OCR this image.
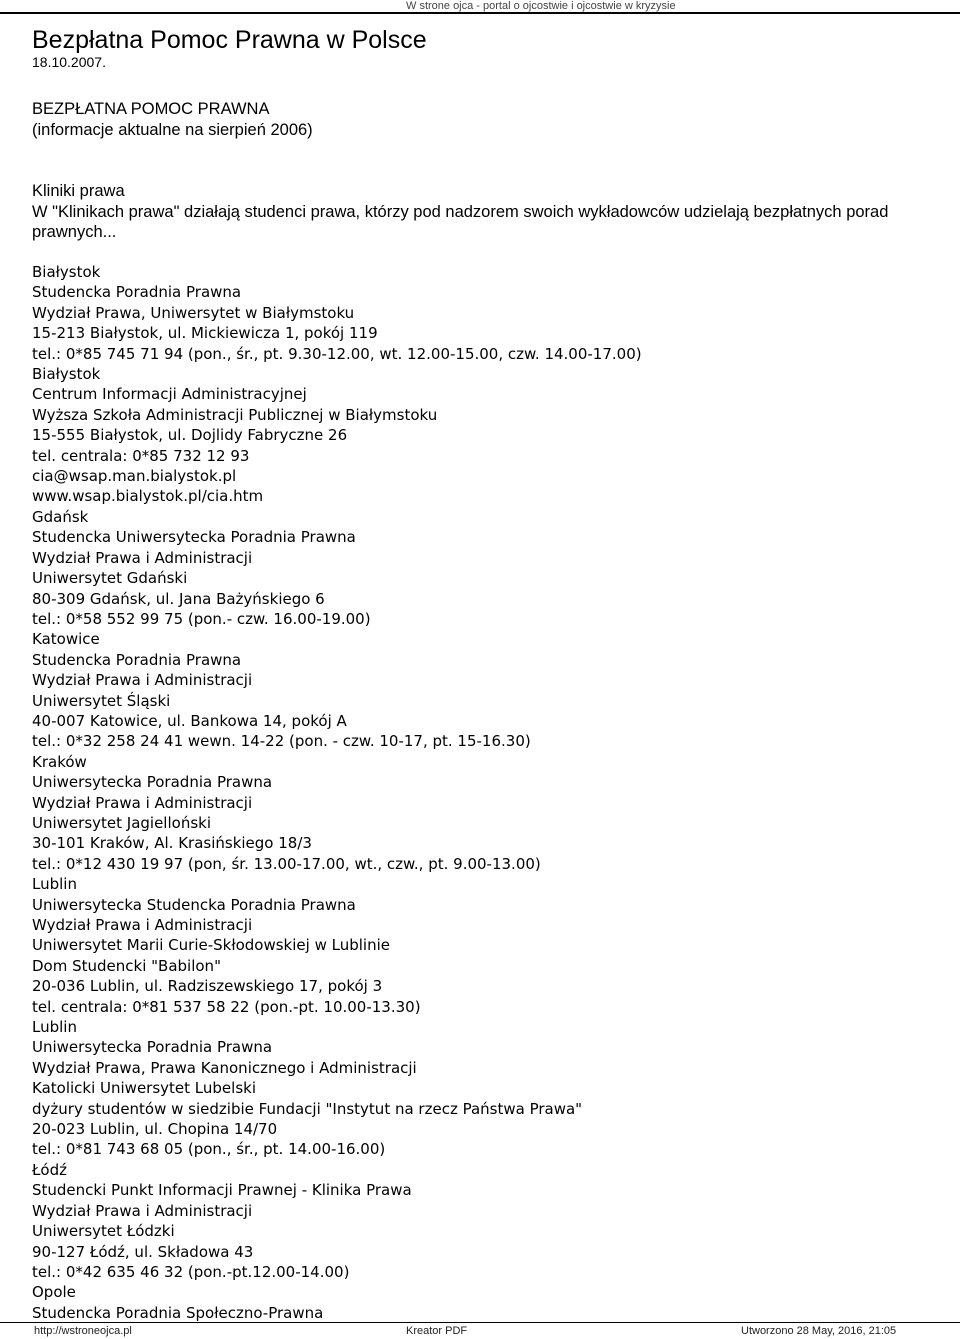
W strone ojca - portal o ojcostwie i ojcostwie w kryzysie
Bezpłatna Pomoc Prawna w Polsce
18.10.2007.
BEZPŁATNA POMOC PRAWNA
(informacje aktualne na sierpień 2006)
Kliniki prawa
W "Klinikach prawa" działają studenci prawa, którzy pod nadzorem swoich wykładowców udzielają bezpłatnych porad prawnych...
Białystok
Studencka Poradnia Prawna
Wydział Prawa, Uniwersytet w Białymstoku
15-213 Białystok, ul. Mickiewicza 1, pokój 119
tel.: 0*85 745 71 94 (pon., śr., pt. 9.30-12.00, wt. 12.00-15.00, czw. 14.00-17.00)
Białystok
Centrum Informacji Administracyjnej
Wyższa Szkoła Administracji Publicznej w Białymstoku
15-555 Białystok, ul. Dojlidy Fabryczne 26
tel. centrala: 0*85 732 12 93
cia@wsap.man.bialystok.pl
www.wsap.bialystok.pl/cia.htm
Gdańsk
Studencka Uniwersytecka Poradnia Prawna
Wydział Prawa i Administracji
Uniwersytet Gdański
80-309 Gdańsk, ul. Jana Bażyńskiego 6
tel.: 0*58 552 99 75 (pon.- czw. 16.00-19.00)
Katowice
Studencka Poradnia Prawna
Wydział Prawa i Administracji
Uniwersytet Śląski
40-007 Katowice, ul. Bankowa 14, pokój A
tel.: 0*32 258 24 41 wewn. 14-22 (pon. - czw. 10-17, pt. 15-16.30)
Kraków
Uniwersytecka Poradnia Prawna
Wydział Prawa i Administracji
Uniwersytet Jagielloński
30-101 Kraków, Al. Krasińskiego 18/3
tel.: 0*12 430 19 97 (pon, śr. 13.00-17.00, wt., czw., pt. 9.00-13.00)
Lublin
Uniwersytecka Studencka Poradnia Prawna
Wydział Prawa i Administracji
Uniwersytet Marii Curie-Skłodowskiej w Lublinie
Dom Studencki "Babilon"
20-036 Lublin, ul. Radziszewskiego 17, pokój 3
tel. centrala: 0*81 537 58 22 (pon.-pt. 10.00-13.30)
Lublin
Uniwersytecka Poradnia Prawna
Wydział Prawa, Prawa Kanonicznego i Administracji
Katolicki Uniwersytet Lubelski
dyżury studentów w siedzibie Fundacji "Instytut na rzecz Państwa Prawa"
20-023 Lublin, ul. Chopina 14/70
tel.: 0*81 743 68 05 (pon., śr., pt. 14.00-16.00)
Łódź
Studencki Punkt Informacji Prawnej - Klinika Prawa
Wydział Prawa i Administracji
Uniwersytet Łódzki
90-127 Łódź, ul. Składowa 43
tel.: 0*42 635 46 32 (pon.-pt.12.00-14.00)
Opole
Studencka Poradnia Społeczno-Prawna
http://wstroneojca.pl	Kreator PDF	Utworzono 28 May, 2016, 21:05
